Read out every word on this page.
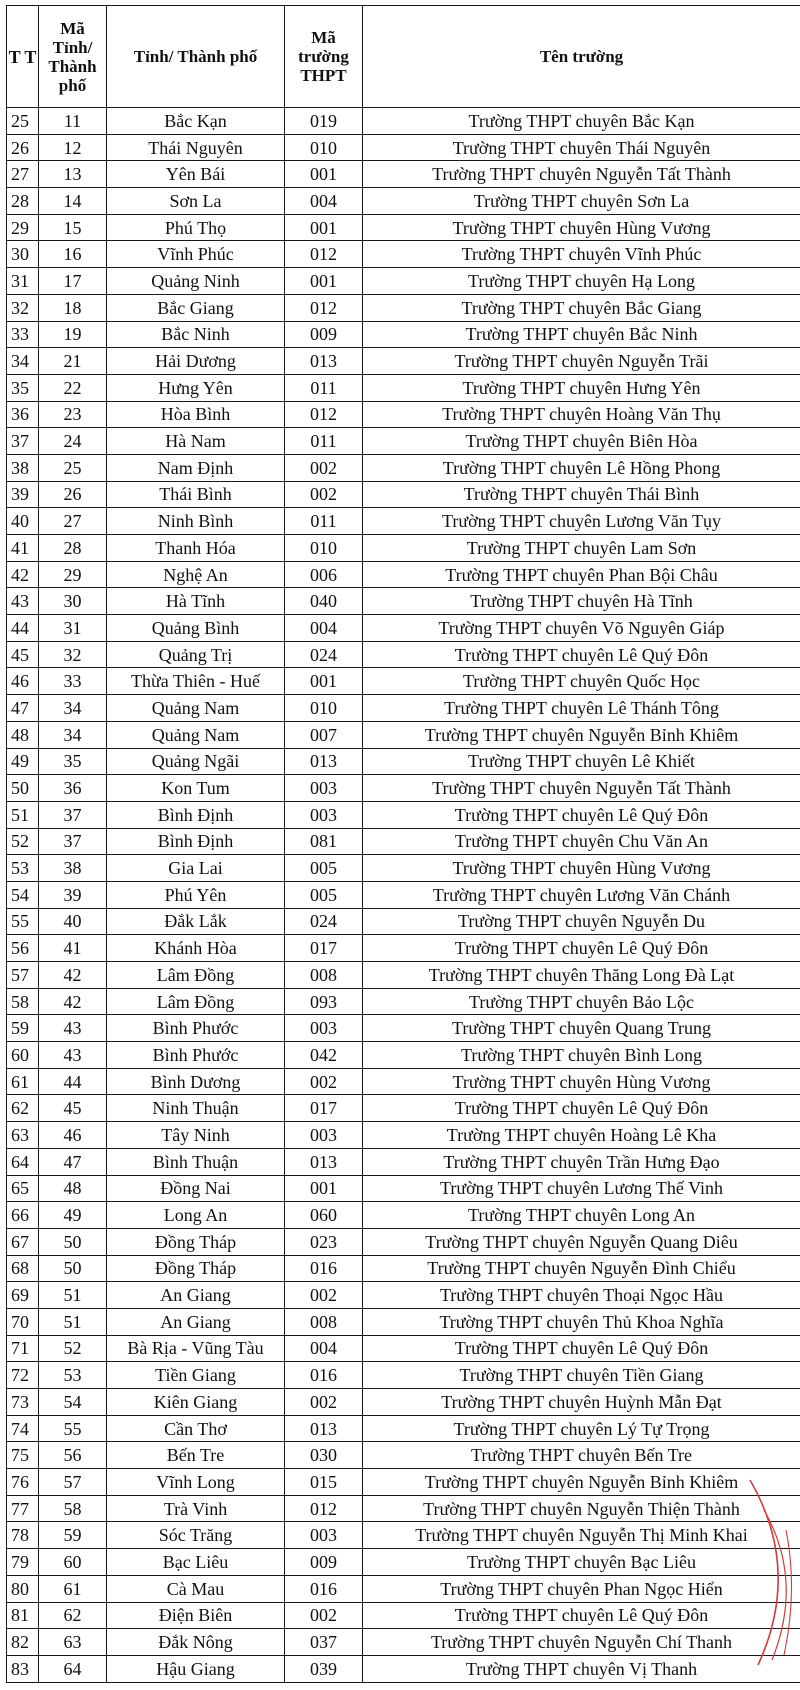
T T	Mã Tỉnh/ Thành phố	Tỉnh/ Thành phố	Mã trường THPT	Tên trường
25	11	Bắc Kạn	019	Trường THPT chuyên Bắc Kạn
26	12	Thái Nguyên	010	Trường THPT chuyên Thái Nguyên
27	13	Yên Bái	001	Trường THPT chuyên Nguyễn Tất Thành
28	14	Sơn La	004	Trường THPT chuyên Sơn La
29	15	Phú Thọ	001	Trường THPT chuyên Hùng Vương
30	16	Vĩnh Phúc	012	Trường THPT chuyên Vĩnh Phúc
31	17	Quảng Ninh	001	Trường THPT chuyên Hạ Long
32	18	Bắc Giang	012	Trường THPT chuyên Bắc Giang
33	19	Bắc Ninh	009	Trường THPT chuyên Bắc Ninh
34	21	Hải Dương	013	Trường THPT chuyên Nguyễn Trãi
35	22	Hưng Yên	011	Trường THPT chuyên Hưng Yên
36	23	Hòa Bình	012	Trường THPT chuyên Hoàng Văn Thụ
37	24	Hà Nam	011	Trường THPT chuyên Biên Hòa
38	25	Nam Định	002	Trường THPT chuyên Lê Hồng Phong
39	26	Thái Bình	002	Trường THPT chuyên Thái Bình
40	27	Ninh Bình	011	Trường THPT chuyên Lương Văn Tụy
41	28	Thanh Hóa	010	Trường THPT chuyên Lam Sơn
42	29	Nghệ An	006	Trường THPT chuyên Phan Bội Châu
43	30	Hà Tĩnh	040	Trường THPT chuyên Hà Tĩnh
44	31	Quảng Bình	004	Trường THPT chuyên Võ Nguyên Giáp
45	32	Quảng Trị	024	Trường THPT chuyên Lê Quý Đôn
46	33	Thừa Thiên - Huế	001	Trường THPT chuyên Quốc Học
47	34	Quảng Nam	010	Trường THPT chuyên Lê Thánh Tông
48	34	Quảng Nam	007	Trường THPT chuyên Nguyễn Bỉnh Khiêm
49	35	Quảng Ngãi	013	Trường THPT chuyên Lê Khiết
50	36	Kon Tum	003	Trường THPT chuyên Nguyễn Tất Thành
51	37	Bình Định	003	Trường THPT chuyên Lê Quý Đôn
52	37	Bình Định	081	Trường THPT chuyên Chu Văn An
53	38	Gia Lai	005	Trường THPT chuyên Hùng Vương
54	39	Phú Yên	005	Trường THPT chuyên Lương Văn Chánh
55	40	Đắk Lắk	024	Trường THPT chuyên Nguyễn Du
56	41	Khánh Hòa	017	Trường THPT chuyên Lê Quý Đôn
57	42	Lâm Đồng	008	Trường THPT chuyên Thăng Long Đà Lạt
58	42	Lâm Đồng	093	Trường THPT chuyên Bảo Lộc
59	43	Bình Phước	003	Trường THPT chuyên Quang Trung
60	43	Bình Phước	042	Trường THPT chuyên Bình Long
61	44	Bình Dương	002	Trường THPT chuyên Hùng Vương
62	45	Ninh Thuận	017	Trường THPT chuyên Lê Quý Đôn
63	46	Tây Ninh	003	Trường THPT chuyên Hoàng Lê Kha
64	47	Bình Thuận	013	Trường THPT chuyên Trần Hưng Đạo
65	48	Đồng Nai	001	Trường THPT chuyên Lương Thế Vinh
66	49	Long An	060	Trường THPT chuyên Long An
67	50	Đồng Tháp	023	Trường THPT chuyên Nguyễn Quang Diêu
68	50	Đồng Tháp	016	Trường THPT chuyên Nguyễn Đình Chiểu
69	51	An Giang	002	Trường THPT chuyên Thoại Ngọc Hầu
70	51	An Giang	008	Trường THPT chuyên Thủ Khoa Nghĩa
71	52	Bà Rịa - Vũng Tàu	004	Trường THPT chuyên Lê Quý Đôn
72	53	Tiền Giang	016	Trường THPT chuyên Tiền Giang
73	54	Kiên Giang	002	Trường THPT chuyên Huỳnh Mẫn Đạt
74	55	Cần Thơ	013	Trường THPT chuyên Lý Tự Trọng
75	56	Bến Tre	030	Trường THPT chuyên Bến Tre
76	57	Vĩnh Long	015	Trường THPT chuyên Nguyễn Bỉnh Khiêm
77	58	Trà Vinh	012	Trường THPT chuyên Nguyễn Thiện Thành
78	59	Sóc Trăng	003	Trường THPT chuyên Nguyễn Thị Minh Khai
79	60	Bạc Liêu	009	Trường THPT chuyên Bạc Liêu
80	61	Cà Mau	016	Trường THPT chuyên Phan Ngọc Hiển
81	62	Điện Biên	002	Trường THPT chuyên Lê Quý Đôn
82	63	Đắk Nông	037	Trường THPT chuyên Nguyễn Chí Thanh
83	64	Hậu Giang	039	Trường THPT chuyên Vị Thanh
